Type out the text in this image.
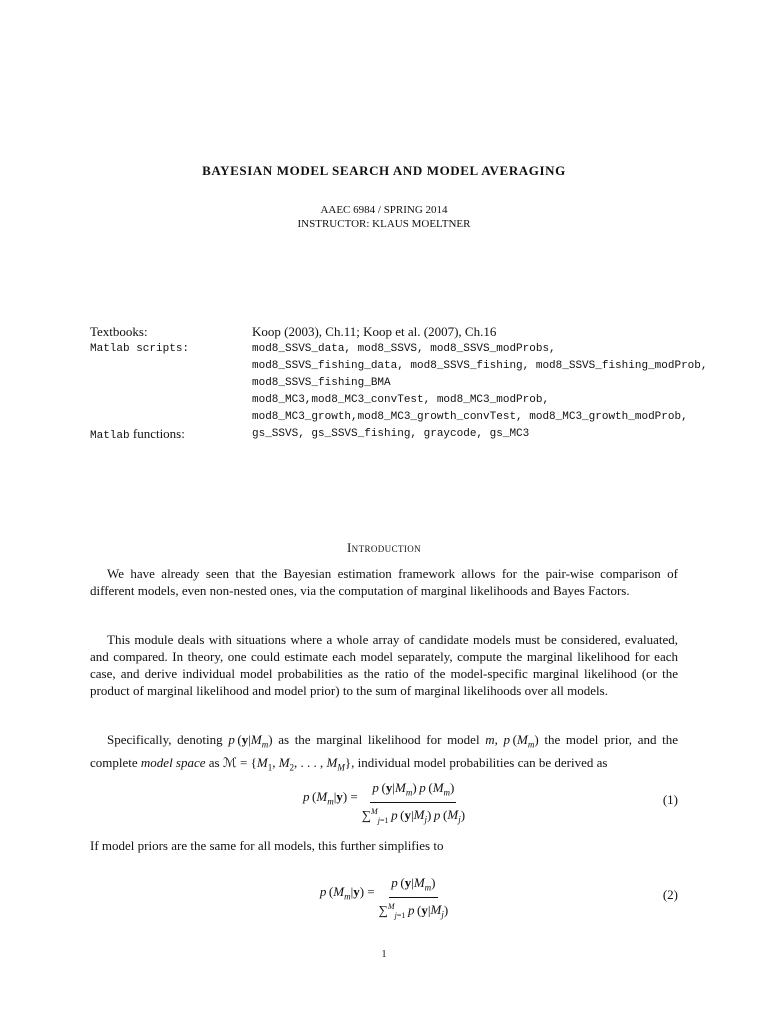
BAYESIAN MODEL SEARCH AND MODEL AVERAGING
AAEC 6984 / SPRING 2014
INSTRUCTOR: KLAUS MOELTNER
Textbooks:	Koop (2003), Ch.11; Koop et al. (2007), Ch.16
Matlab scripts:	mod8_SSVS_data, mod8_SSVS, mod8_SSVS_modProbs,
mod8_SSVS_fishing_data, mod8_SSVS_fishing, mod8_SSVS_fishing_modProb,
mod8_SSVS_fishing_BMA
mod8_MC3,mod8_MC3_convTest, mod8_MC3_modProb,
mod8_MC3_growth,mod8_MC3_growth_convTest, mod8_MC3_growth_modProb,
Matlab functions:	gs_SSVS, gs_SSVS_fishing, graycode, gs_MC3
Introduction
We have already seen that the Bayesian estimation framework allows for the pair-wise comparison of different models, even non-nested ones, via the computation of marginal likelihoods and Bayes Factors.
This module deals with situations where a whole array of candidate models must be considered, evaluated, and compared. In theory, one could estimate each model separately, compute the marginal likelihood for each case, and derive individual model probabilities as the ratio of the model-specific marginal likelihood (or the product of marginal likelihood and model prior) to the sum of marginal likelihoods over all models.
Specifically, denoting p $(y|M_m)$ as the marginal likelihood for model m, p $(M_m)$ the model prior, and the complete model space as ℳ = {$M_1$, $M_2$, . . . , $M_M$}, individual model probabilities can be derived as
p $(M_m|y) = \frac{p (y|M_m) p (M_m)}{\sum^M_{j=1} p (y|M_j) p (M_j)}$	(1)
If model priors are the same for all models, this further simplifies to
p $(M_m|y) = \frac{p (y|M_m)}{\sum^M_{j=1} p (y|M_j)}$	(2)
1
